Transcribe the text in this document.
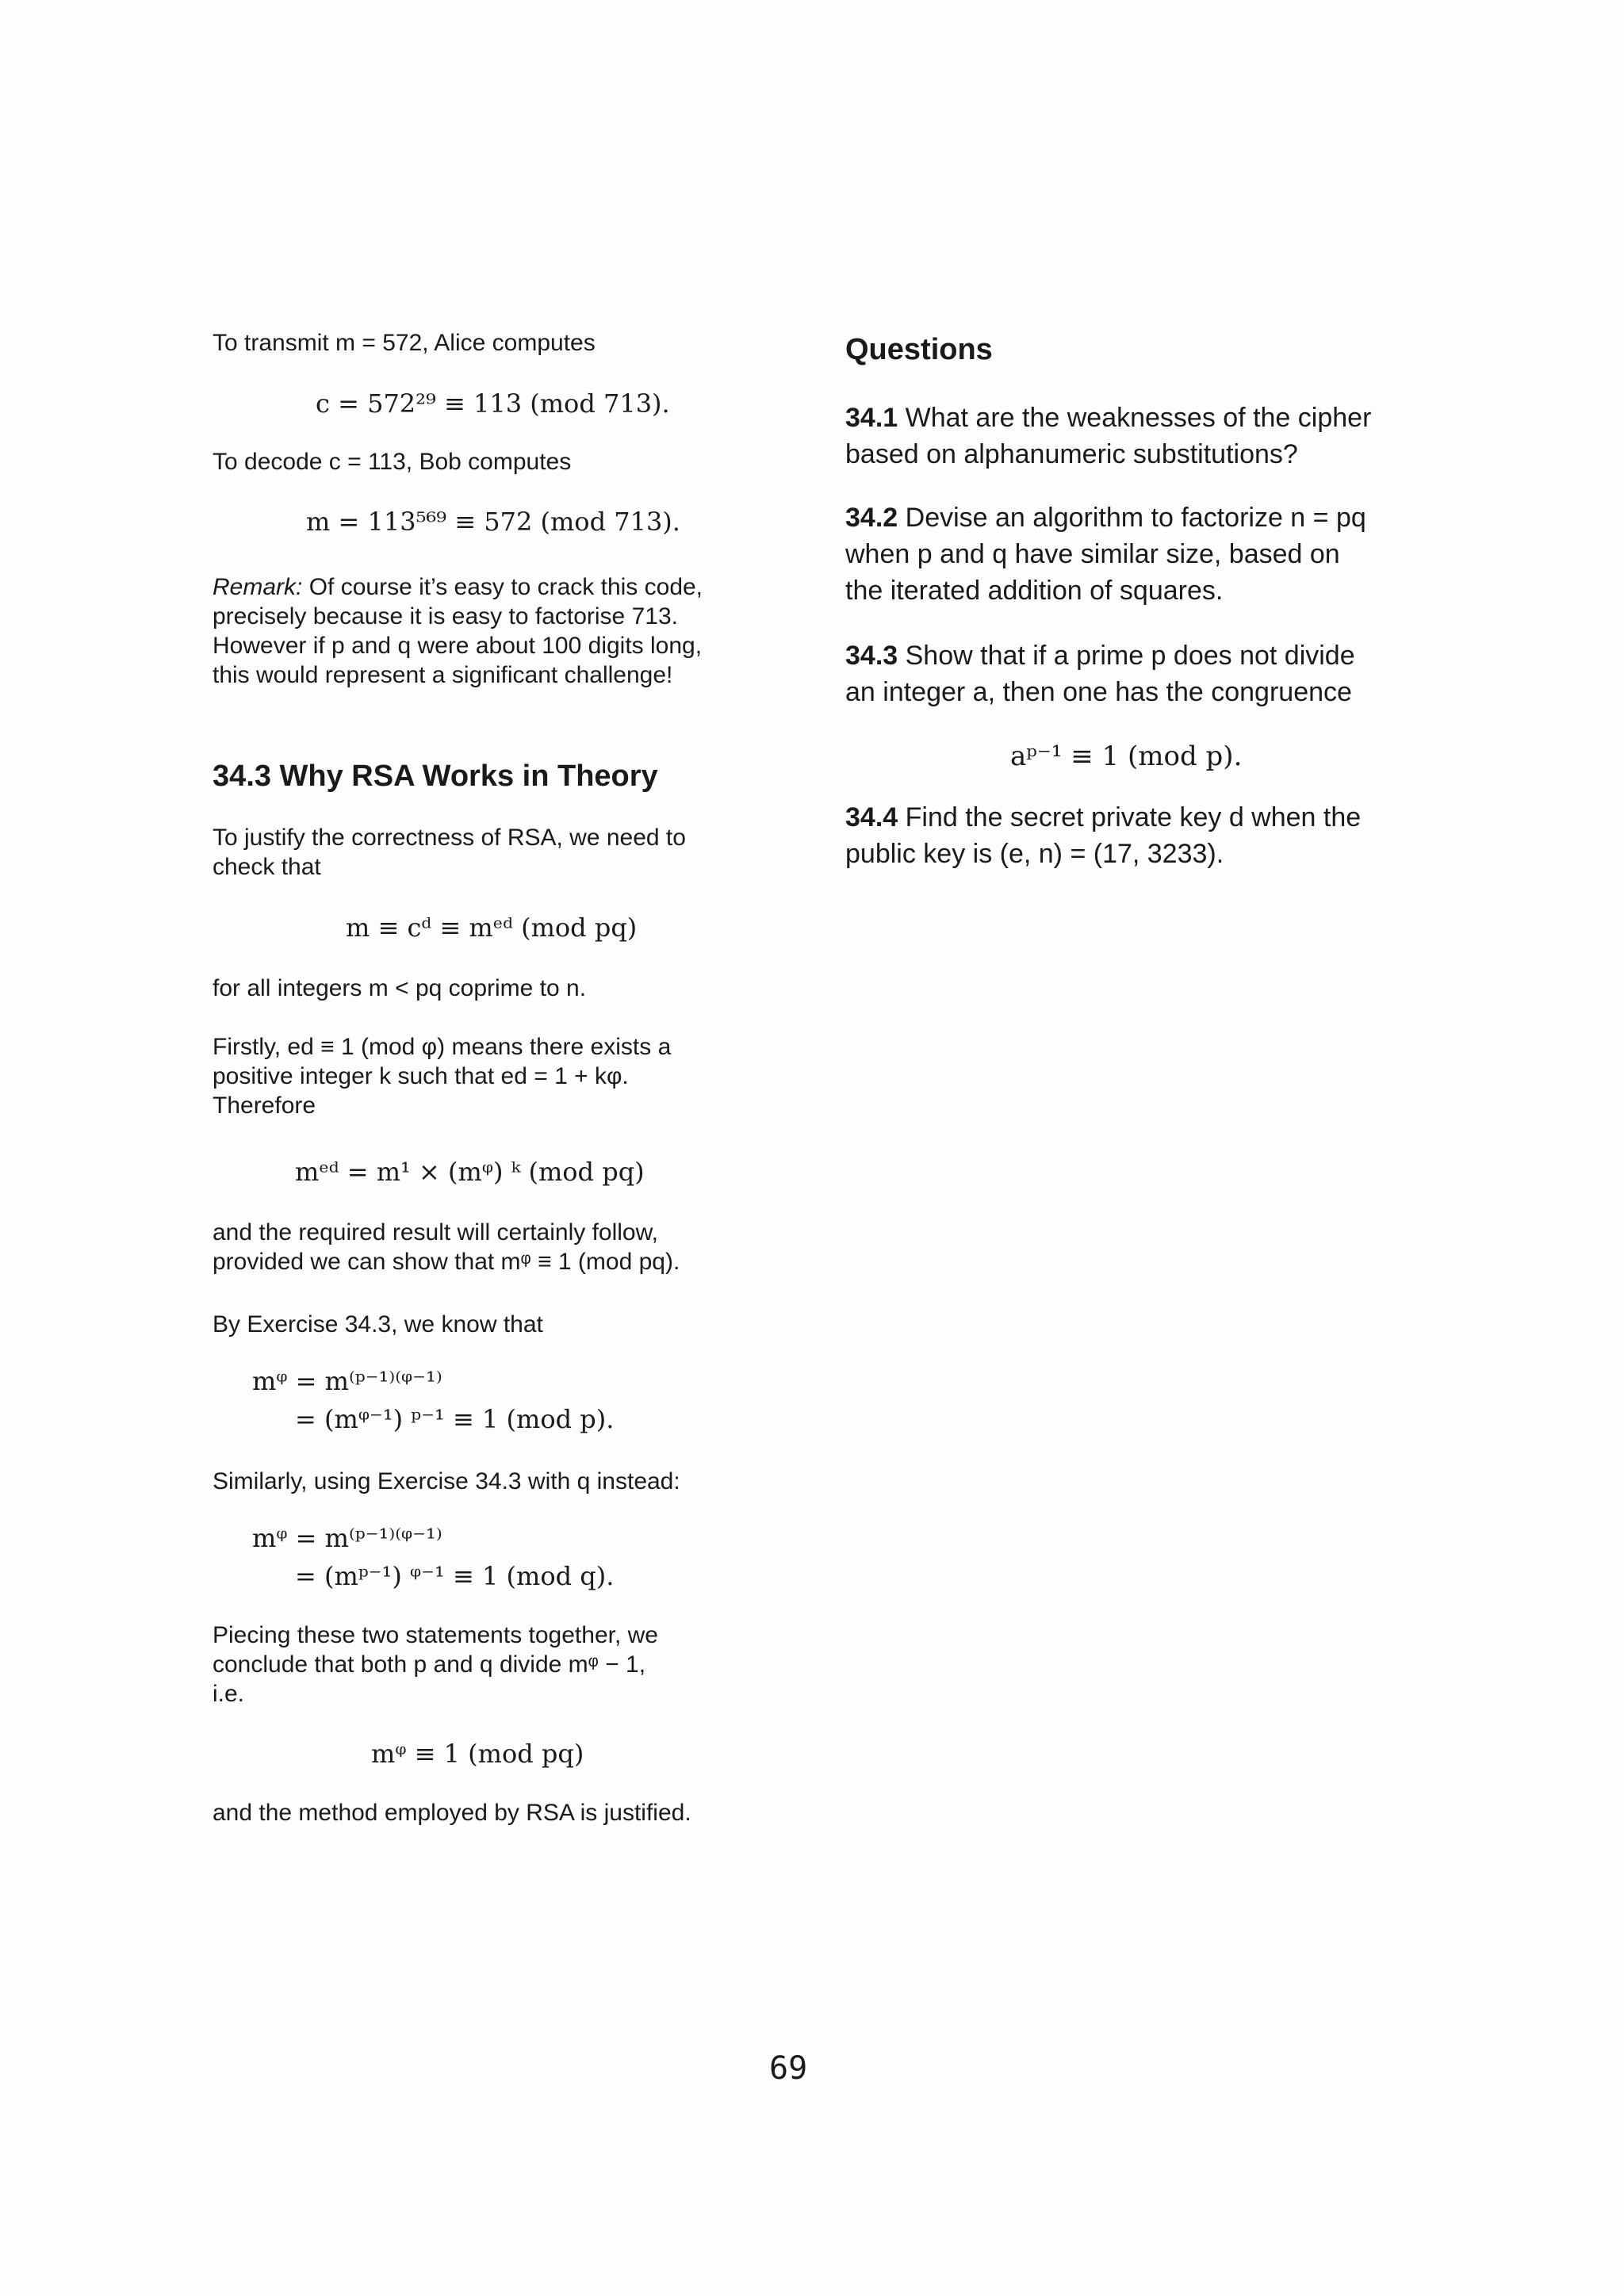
To transmit m = 572, Alice computes
c = 572²⁹ ≡ 113 (mod 713).
To decode c = 113, Bob computes
m = 113⁵⁶⁹ ≡ 572 (mod 713).
Remark: Of course it’s easy to crack this code,
precisely because it is easy to factorise 713.
However if p and q were about 100 digits long,
this would represent a significant challenge!
34.3 Why RSA Works in Theory
To justify the correctness of RSA, we need to
check that
m ≡ cᵈ ≡ mᵉᵈ (mod pq)
for all integers m < pq coprime to n.
Firstly, ed ≡ 1 (mod φ) means there exists a
positive integer k such that ed = 1 + kφ.
Therefore
mᵉᵈ = m¹ × (mᵠ) ᵏ (mod pq)
and the required result will certainly follow,
provided we can show that mᵠ ≡ 1 (mod pq).
By Exercise 34.3, we know that
mᵠ = m⁽ᵖ⁻¹⁾⁽ᵠ⁻¹⁾
= (mᵠ⁻¹) ᵖ⁻¹ ≡ 1 (mod p).
Similarly, using Exercise 34.3 with q instead:
mᵠ = m⁽ᵖ⁻¹⁾⁽ᵠ⁻¹⁾
= (mᵖ⁻¹) ᵠ⁻¹ ≡ 1 (mod q).
Piecing these two statements together, we
conclude that both p and q divide mᵠ − 1,
i.e.
mᵠ ≡ 1 (mod pq)
and the method employed by RSA is justified.
Questions
34.1 What are the weaknesses of the cipher
based on alphanumeric substitutions?
34.2 Devise an algorithm to factorize n = pq
when p and q have similar size, based on
the iterated addition of squares.
34.3 Show that if a prime p does not divide
an integer a, then one has the congruence
aᵖ⁻¹ ≡ 1 (mod p).
34.4 Find the secret private key d when the
public key is (e, n) = (17, 3233).
69
